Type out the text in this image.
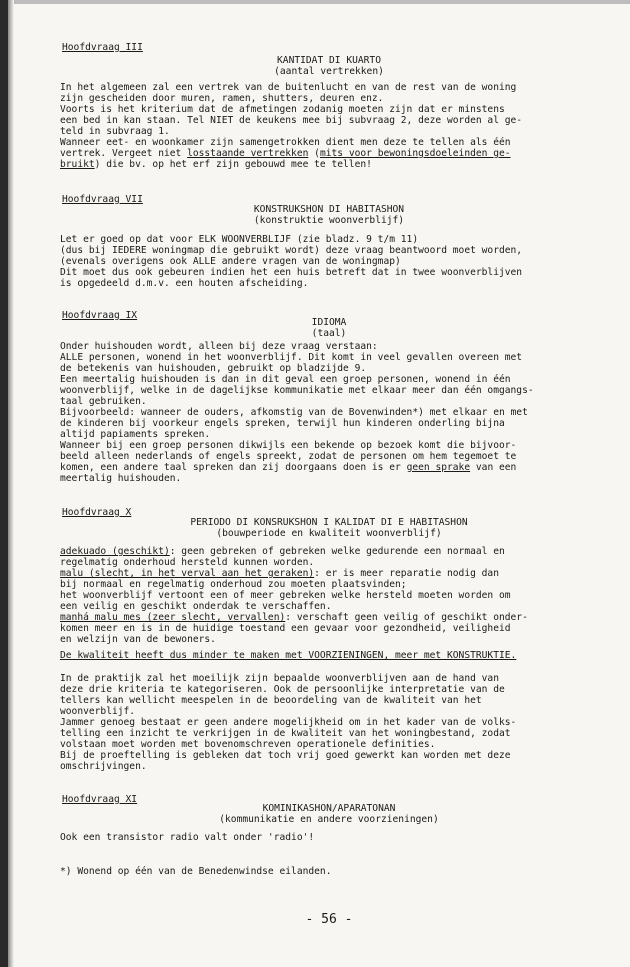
Hoofdvraag III
KANTIDAT DI KUARTO
(aantal vertrekken)
In het algemeen zal een vertrek van de buitenlucht en van de rest van de woning
zijn gescheiden door muren, ramen, shutters, deuren enz.
Voorts is het kriterium dat de afmetingen zodanig moeten zijn dat er minstens
een bed in kan staan. Tel NIET de keukens mee bij subvraag 2, deze worden al ge-
teld in subvraag 1.
Wanneer eet- en woonkamer zijn samengetrokken dient men deze te tellen als één
vertrek. Vergeet niet losstaande vertrekken (mits voor bewoningsdoeleinden ge-
bruikt) die bv. op het erf zijn gebouwd mee te tellen!
Hoofdvraag VII
KONSTRUKSHON DI HABITASHON
(konstruktie woonverblijf)
Let er goed op dat voor ELK WOONVERBLIJF (zie bladz. 9 t/m 11)
(dus bij IEDERE woningmap die gebruikt wordt) deze vraag beantwoord moet worden,
(evenals overigens ook ALLE andere vragen van de woningmap)
Dit moet dus ook gebeuren indien het een huis betreft dat in twee woonverblijven
is opgedeeld d.m.v. een houten afscheiding.
Hoofdvraag IX
IDIOMA
(taal)
Onder huishouden wordt, alleen bij deze vraag verstaan:
ALLE personen, wonend in het woonverblijf. Dit komt in veel gevallen overeen met
de betekenis van huishouden, gebruikt op bladzijde 9.
Een meertalig huishouden is dan in dit geval een groep personen, wonend in één
woonverblijf, welke in de dagelijkse kommunikatie met elkaar meer dan één omgangs-
taal gebruiken.
Bijvoorbeeld: wanneer de ouders, afkomstig van de Bovenwinden*) met elkaar en met
de kinderen bij voorkeur engels spreken, terwijl hun kinderen onderling bijna
altijd papiaments spreken.
Wanneer bij een groep personen dikwijls een bekende op bezoek komt die bijvoor-
beeld alleen nederlands of engels spreekt, zodat de personen om hem tegemoet te
komen, een andere taal spreken dan zij doorgaans doen is er geen sprake van een
meertalig huishouden.
Hoofdvraag X
PERIODO DI KONSRUKSHON I KALIDAT DI E HABITASHON
(bouwperiode en kwaliteit woonverblijf)
adekuado (geschikt): geen gebreken of gebreken welke gedurende een normaal en
regelmatig onderhoud hersteld kunnen worden.
malu (slecht, in het verval aan het geraken): er is meer reparatie nodig dan
bij normaal en regelmatig onderhoud zou moeten plaatsvinden;
het woonverblijf vertoont een of meer gebreken welke hersteld moeten worden om
een veilig en geschikt onderdak te verschaffen.
manhá malu mes (zeer slecht, vervallen): verschaft geen veilig of geschikt onder-
komen meer en is in de huidige toestand een gevaar voor gezondheid, veiligheid
en welzijn van de bewoners.
De kwaliteit heeft dus minder te maken met VOORZIENINGEN, meer met KONSTRUKTIE.
In de praktijk zal het moeilijk zijn bepaalde woonverblijven aan de hand van
deze drie kriteria te kategoriseren. Ook de persoonlijke interpretatie van de
tellers kan wellicht meespelen in de beoordeling van de kwaliteit van het
woonverblijf.
Jammer genoeg bestaat er geen andere mogelijkheid om in het kader van de volks-
telling een inzicht te verkrijgen in de kwaliteit van het woningbestand, zodat
volstaan moet worden met bovenomschreven operationele definities.
Bij de proeftelling is gebleken dat toch vrij goed gewerkt kan worden met deze
omschrijvingen.
Hoofdvraag XI
KOMINIKASHON/APARATONAN
(kommunikatie en andere voorzieningen)
Ook een transistor radio valt onder 'radio'!
*) Wonend op één van de Benedenwindse eilanden.
- 56 -
